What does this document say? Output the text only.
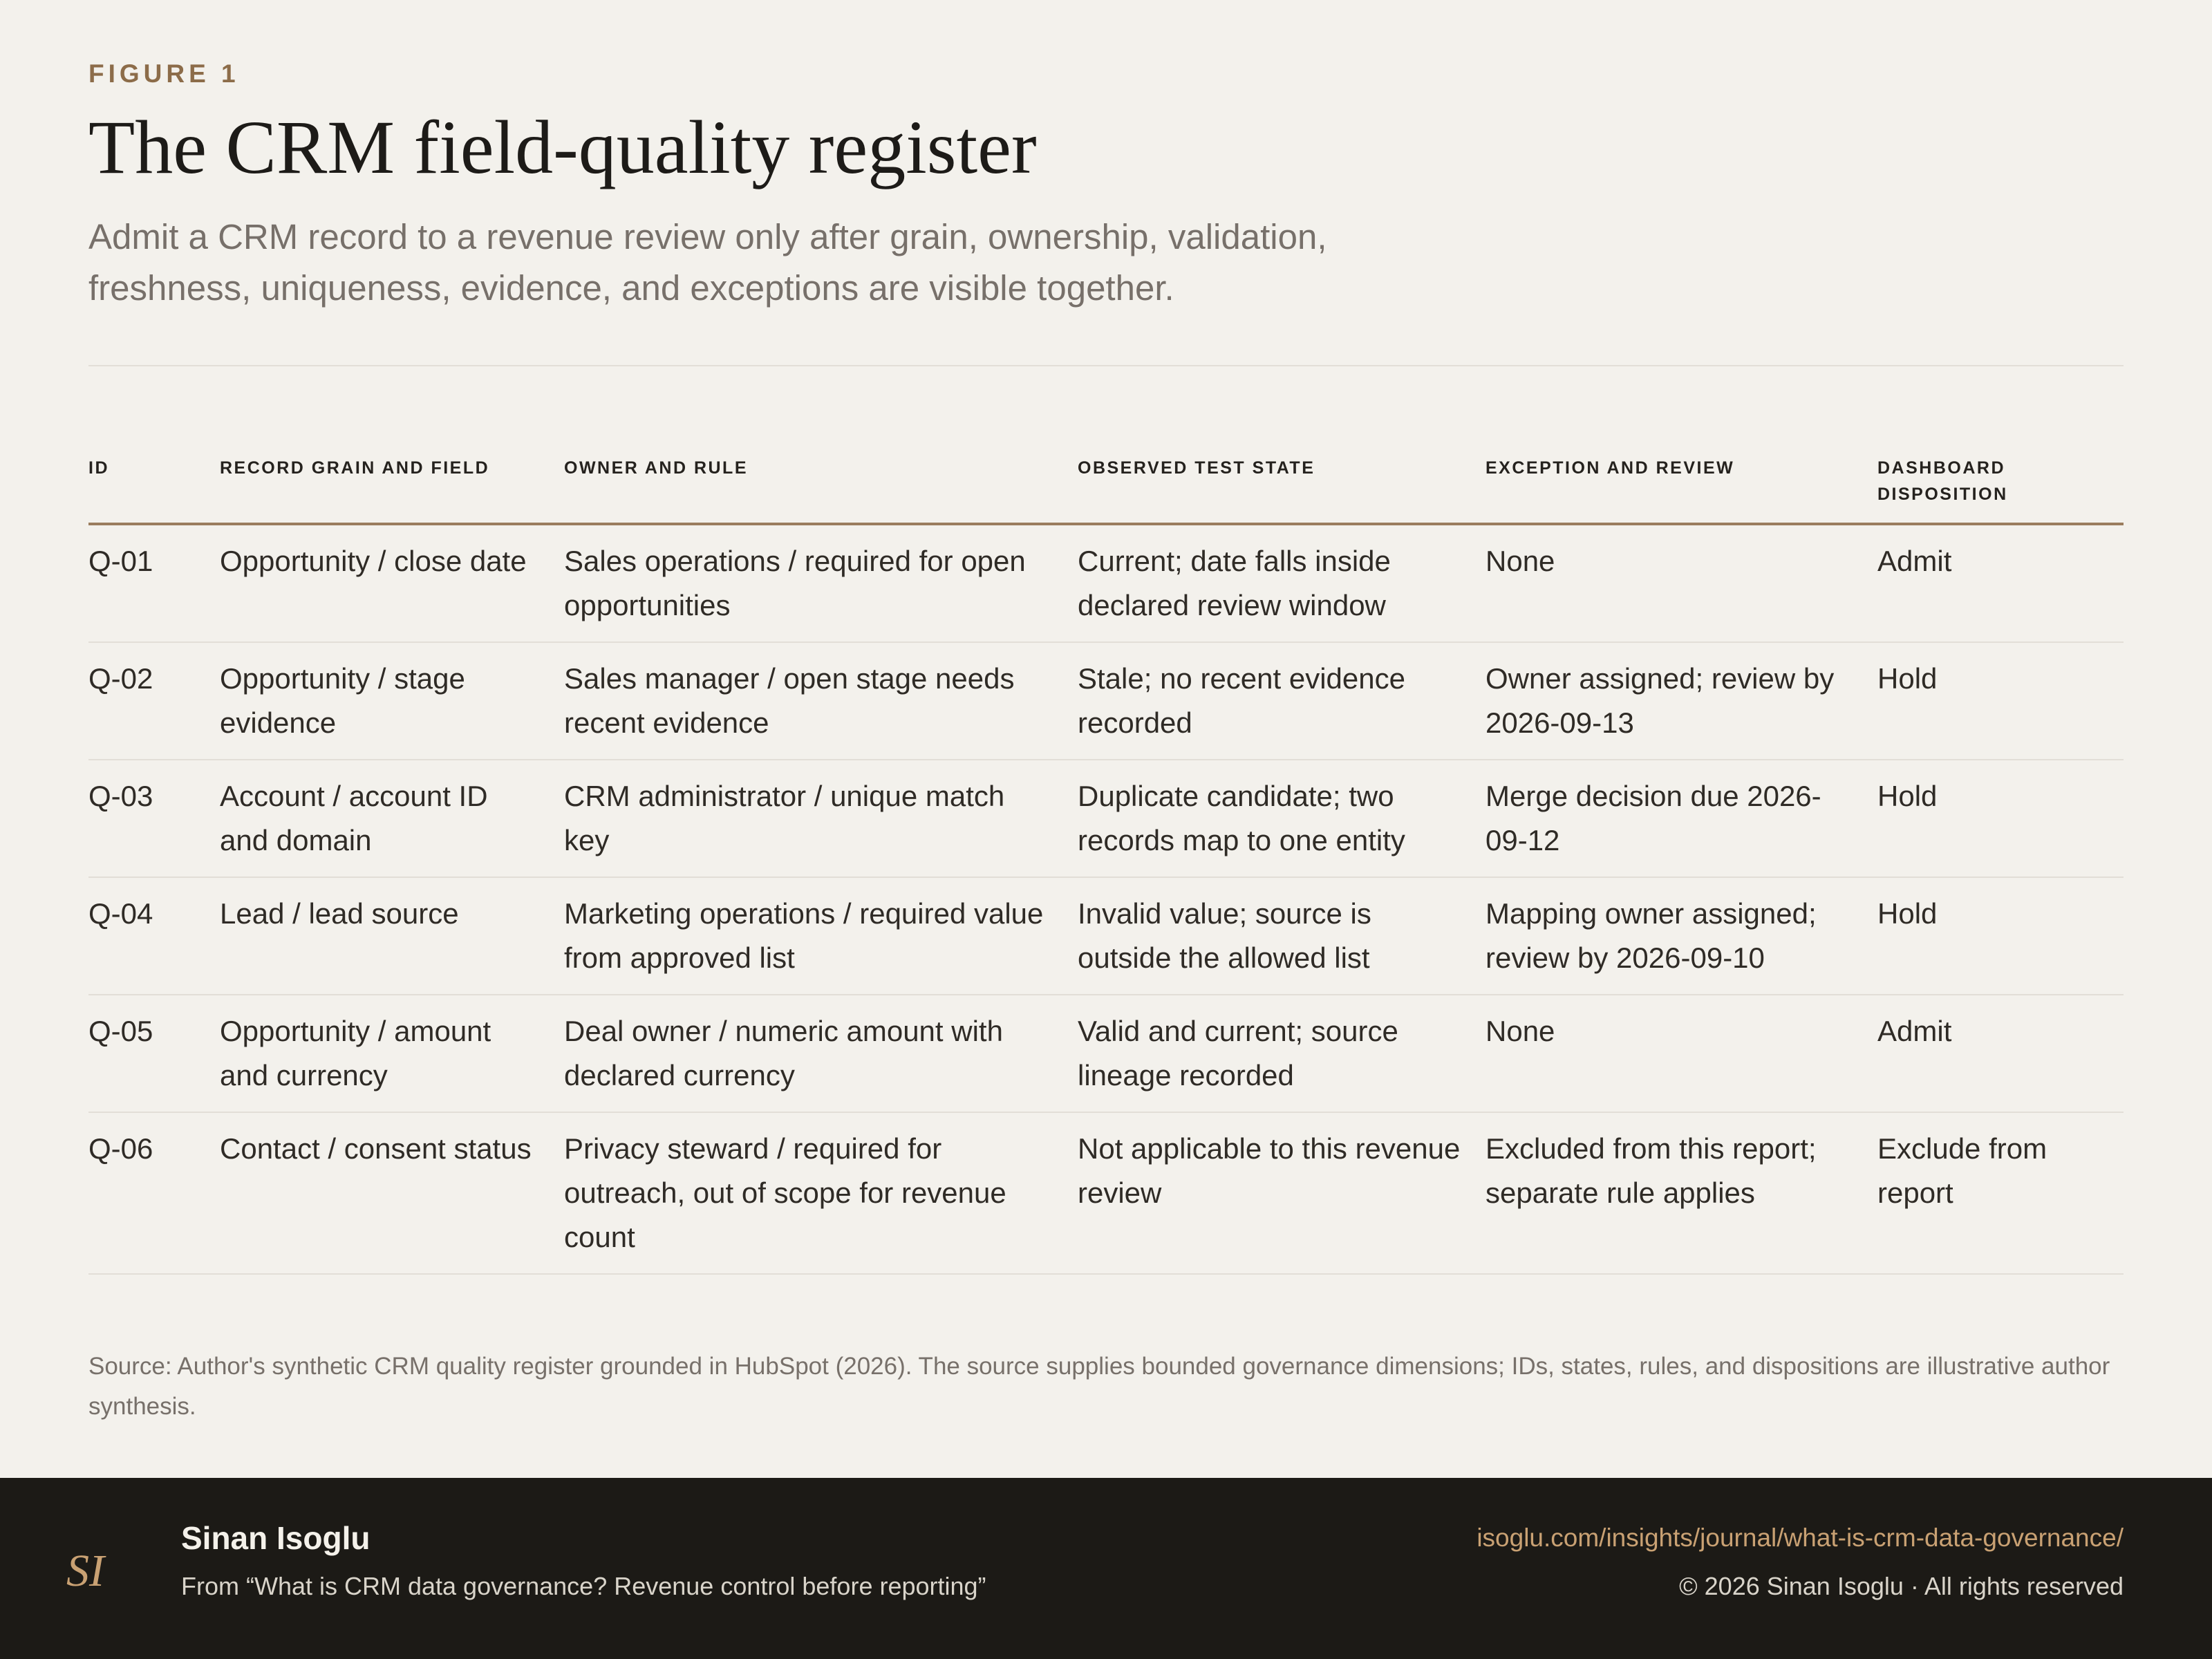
FIGURE 1
The CRM field-quality register
Admit a CRM record to a revenue review only after grain, ownership, validation, freshness, uniqueness, evidence, and exceptions are visible together.
ID	RECORD GRAIN AND FIELD	OWNER AND RULE	OBSERVED TEST STATE	EXCEPTION AND REVIEW	DASHBOARD DISPOSITION
Q-01	Opportunity / close date	Sales operations / required for open opportunities	Current; date falls inside declared review window	None	Admit
Q-02	Opportunity / stage evidence	Sales manager / open stage needs recent evidence	Stale; no recent evidence recorded	Owner assigned; review by 2026-09-13	Hold
Q-03	Account / account ID and domain	CRM administrator / unique match key	Duplicate candidate; two records map to one entity	Merge decision due 2026-09-12	Hold
Q-04	Lead / lead source	Marketing operations / required value from approved list	Invalid value; source is outside the allowed list	Mapping owner assigned; review by 2026-09-10	Hold
Q-05	Opportunity / amount and currency	Deal owner / numeric amount with declared currency	Valid and current; source lineage recorded	None	Admit
Q-06	Contact / consent status	Privacy steward / required for outreach, out of scope for revenue count	Not applicable to this revenue review	Excluded from this report; separate rule applies	Exclude from report
Source: Author's synthetic CRM quality register grounded in HubSpot (2026). The source supplies bounded governance dimensions; IDs, states, rules, and dispositions are illustrative author synthesis.
SI
Sinan Isoglu
From “What is CRM data governance? Revenue control before reporting”
isoglu.com/insights/journal/what-is-crm-data-governance/
© 2026 Sinan Isoglu · All rights reserved
